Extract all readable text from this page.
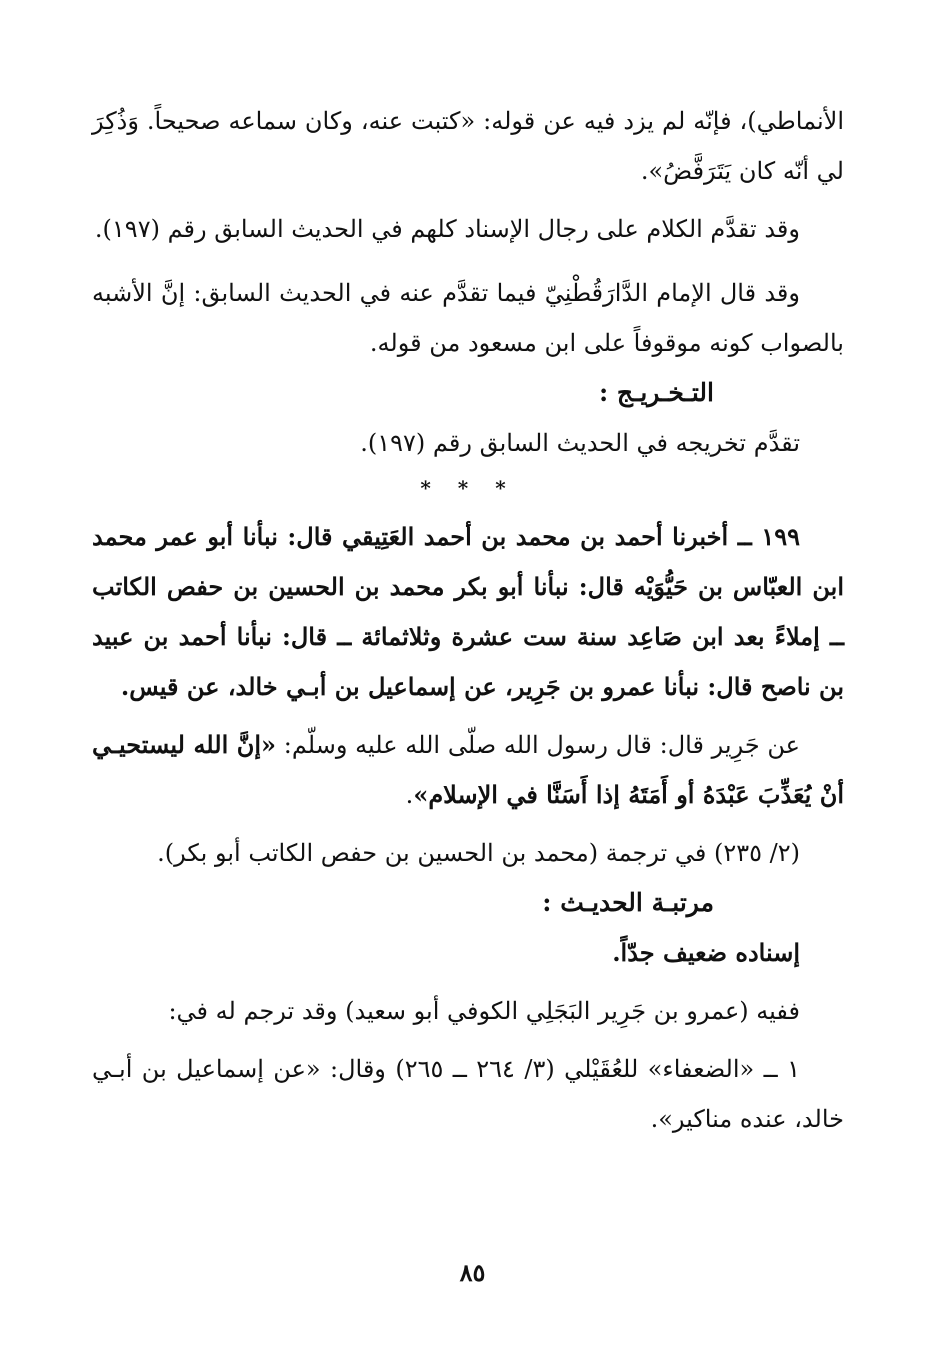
الأنماطي)، فإنّه لم يزد فيه عن قوله: «كتبت عنه، وكان سماعه صحيحاً. وَذُكِرَ لي أنّه كان يَتَرَفَّضُ».

وقد تقدَّم الكلام على رجال الإسناد كلهم في الحديث السابق رقم (١٩٧).

وقد قال الإمام الدَّارَقُطْنِيّ فيما تقدَّم عنه في الحديث السابق: إنَّ الأشبه بالصواب كونه موقوفاً على ابن مسعود من قوله.

التـخـريـج :

تقدَّم تخريجه في الحديث السابق رقم (١٩٧).

* * *

١٩٩ ــ أخبرنا أحمد بن محمد بن أحمد العَتِيقي قال: نبأنا أبو عمر محمد ابن العبّاس بن حَيُّوَيْه قال: نبأنا أبو بكر محمد بن الحسين بن حفص الكاتب ــ إملاءً بعد ابن صَاعِد سنة ست عشرة وثلاثمائة ــ قال: نبأنا أحمد بن عبيد بن ناصح قال: نبأنا عمرو بن جَرِير، عن إسماعيل بن أبـي خالد، عن قيس.

عن جَرِير قال: قال رسول الله صلّى الله عليه وسلّم: «إنَّ الله ليستحيـي أنْ يُعَذِّبَ عَبْدَهُ أو أَمَتَهُ إذا أَسَنَّا في الإسلام».

(٢/ ٢٣٥) في ترجمة (محمد بن الحسين بن حفص الكاتب أبو بكر).

مرتبـة الحديـث :

إسناده ضعيف جدّاً.

ففيه (عمرو بن جَرِير البَجَلِي الكوفي أبو سعيد) وقد ترجم له في:

١ ــ «الضعفاء» للعُقَيْلي (٣/ ٢٦٤ ــ ٢٦٥) وقال: «عن إسماعيل بن أبـي خالد، عنده مناكير».

٨٥
